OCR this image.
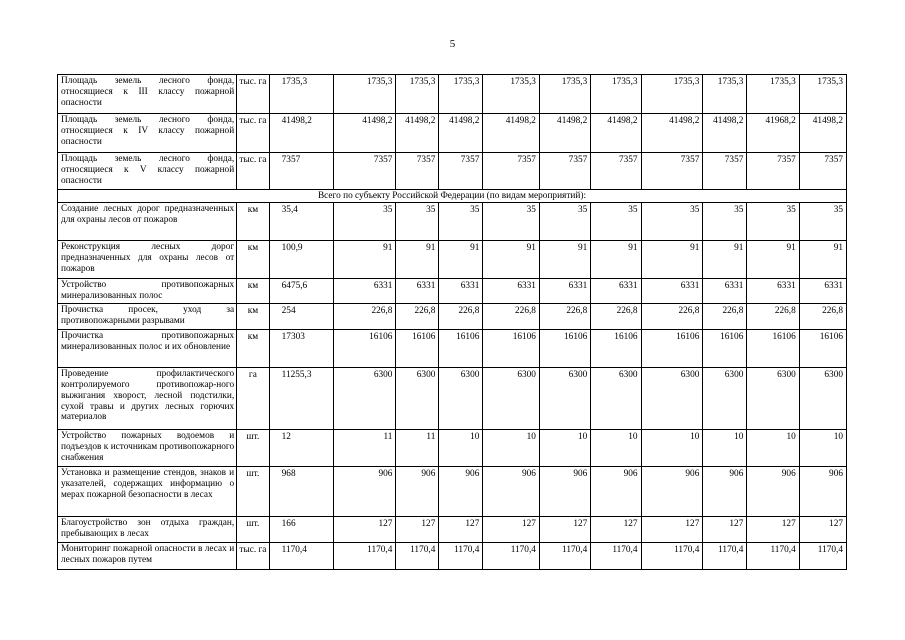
5
Площадь земель лесного фонда, относящиеся к III классу пожарной опасности	тыс. га	1735,3	1735,3	1735,3	1735,3	1735,3	1735,3	1735,3	1735,3	1735,3	1735,3	1735,3
Площадь земель лесного фонда, относящиеся к IV классу пожарной опасности	тыс. га	41498,2	41498,2	41498,2	41498,2	41498,2	41498,2	41498,2	41498,2	41498,2	41968,2	41498,2
Площадь земель лесного фонда, относящиеся к V классу пожарной опасности	тыс. га	7357	7357	7357	7357	7357	7357	7357	7357	7357	7357	7357
Всего по субъекту Российской Федерации (по видам мероприятий):												
Создание лесных дорог предназначенных для охраны лесов от пожаров	км	35,4	35	35	35	35	35	35	35	35	35	35
Реконструкция лесных дорог предназначенных для охраны лесов от пожаров	км	100,9	91	91	91	91	91	91	91	91	91	91
Устройство противопожарных минерализованных полос	км	6475,6	6331	6331	6331	6331	6331	6331	6331	6331	6331	6331
Прочистка просек, уход за противопожарными разрывами	км	254	226,8	226,8	226,8	226,8	226,8	226,8	226,8	226,8	226,8	226,8
Прочистка противопожарных минерализованных полос и их обновление	км	17303	16106	16106	16106	16106	16106	16106	16106	16106	16106	16106
Проведение профилактического контролируемого противопожар-ного выжигания хворост, лесной подстилки, сухой травы и других лесных горючих материалов	га	11255,3	6300	6300	6300	6300	6300	6300	6300	6300	6300	6300
Устройство пожарных водоемов и подъездов к источникам противопожарного снабжения	шт.	12	11	11	10	10	10	10	10	10	10	10
Установка и размещение стендов, знаков и указателей, содержащих информацию о мерах пожарной безопасности в лесах	шт.	968	906	906	906	906	906	906	906	906	906	906
Благоустройство зон отдыха граждан, пребывающих в лесах	шт.	166	127	127	127	127	127	127	127	127	127	127
Мониторинг пожарной опасности в лесах и лесных пожаров путем	тыс. га	1170,4	1170,4	1170,4	1170,4	1170,4	1170,4	1170,4	1170,4	1170,4	1170,4	1170,4
